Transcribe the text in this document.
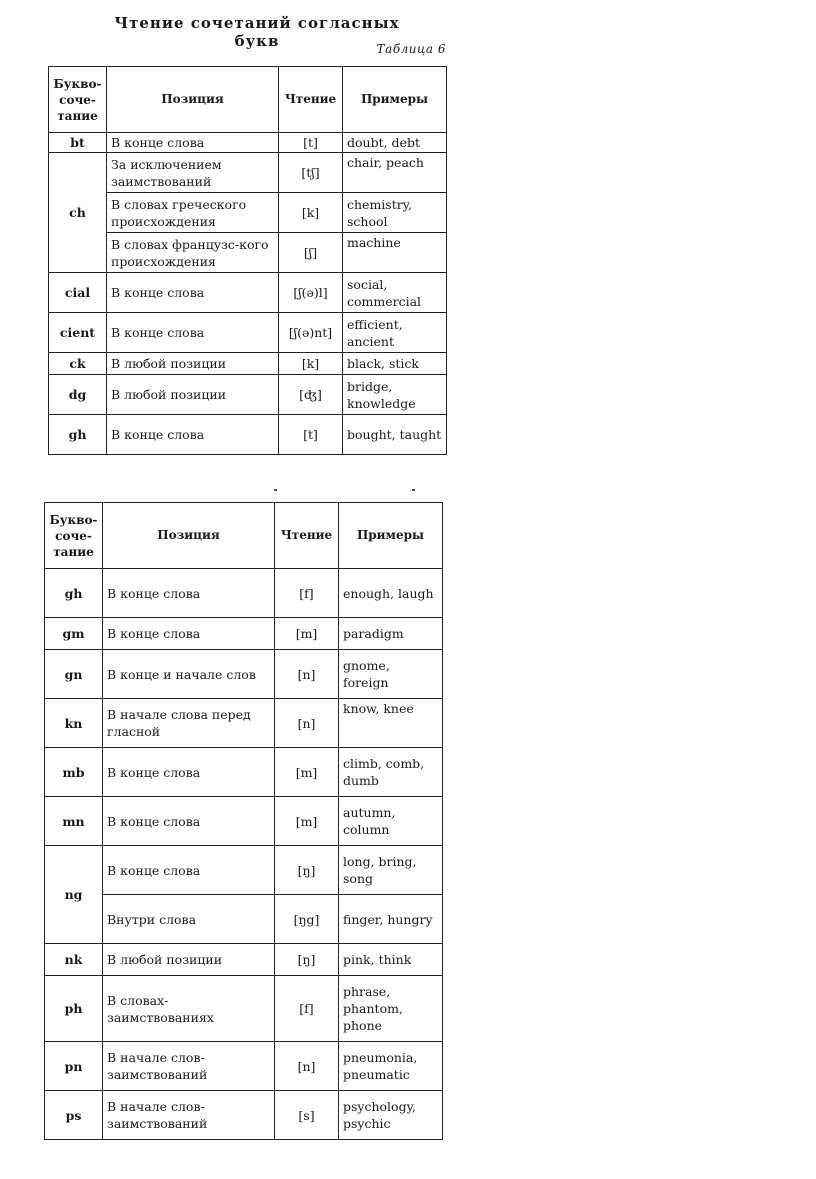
Чтение сочетаний согласных букв	Таблица 6
Букво-
соче-
тание	Позиция	Чтение	Примеры
bt	В конце слова	[t]	doubt, debt
ch	За исключением заимствований	[tʃ]	chair, peach
	В словах греческого происхождения	[k]	chemistry, school
	В словах французс-кого происхождения	[ʃ]	machine
cial	В конце слова	[ʃ(ə)l]	social, commercial
cient	В конце слова	[ʃ(ə)nt]	efficient, ancient
ck	В любой позиции	[k]	black, stick
dg	В любой позиции	[ʤ]	bridge, knowledge
gh	В конце слова	[t]	bought, taught
Букво-
соче-
тание	Позиция	Чтение	Примеры
gh	В конце слова	[f]	enough, laugh
gm	В конце слова	[m]	paradigm
gn	В конце и начале слов	[n]	gnome, foreign
kn	В начале слова перед гласной	[n]	know, knee
mb	В конце слова	[m]	climb, comb, dumb
mn	В конце слова	[m]	autumn, column
ng	В конце слова	[ŋ]	long, bring, song
	Внутри слова	[ŋg]	finger, hungry
nk	В любой позиции	[ŋ]	pink, think
ph	В словах-заимствованиях	[f]	phrase, phantom, phone
pn	В начале слов-заимствований	[n]	pneumonia, pneumatic
ps	В начале слов-заимствований	[s]	psychology, psychic
